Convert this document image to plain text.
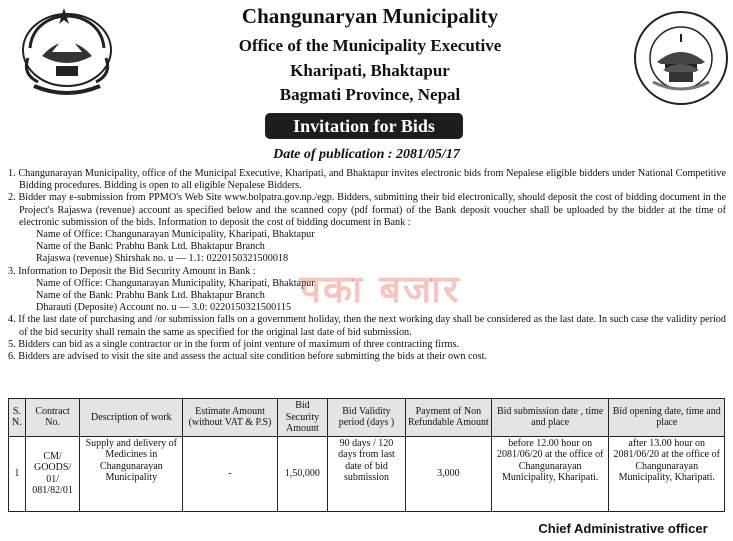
Changunaryan Municipality
Office of the Municipality Executive
Kharipati, Bhaktapur
Bagmati Province, Nepal
Invitation for Bids
Date of publication : 2081/05/17
1. Changunarayan Municipality, office of the Municipal Executive, Kharipati, and Bhaktapur invites electronic bids from Nepalese eligible bidders under National Competitive Bidding procedures. Bidding is open to all eligible Nepalese Bidders.
2. Bidder may e-submission from PPMO's Web Site www.bolpatra.gov.np./egp. Bidders, submitting their bid electronically, should deposit the cost of bidding document in the Project's Rajaswa (revenue) account as specified below and the scanned copy (pdf format) of the Bank deposit voucher shall be uploaded by the bidder at the time of electronic submission of the bids. Information to deposit the cost of bidding document in Bank :
Name of Office: Changunarayan Municipality, Kharipati, Bhaktapur
Name of the Bank: Prabhu Bank Ltd. Bhaktapur Branch
Rajaswa (revenue) Shirshak no. u — 1.1: 0220150321500018
3. Information to Deposit the Bid Security Amount in Bank :
Name of Office: Changunarayan Municipality, Kharipati, Bhaktapur
Name of the Bank: Prabhu Bank Ltd. Bhaktapur Branch
Dharauti (Deposite) Account no. u — 3.0: 0220150321500115
4. If the last date of purchasing and /or submission falls on a government holiday, then the next working day shall be considered as the last date. In such case the validity period of the bid security shall remain the same as specified for the original last date of bid submission.
5. Bidders can bid as a single contractor or in the form of joint venture of maximum of three contracting firms.
6. Bidders are advised to visit the site and assess the actual site condition before submitting the bids at their own cost.
पका बजार
S. N.	Contract No.	Description of work	Estimate Amount (without VAT & P.S)	Bid Security Amount	Bid Validity period (days )	Payment of Non Refundable Amount	Bid submission date , time and place	Bid opening date, time and place
1	CM/ GOODS/ 01/ 081/82/01	Supply and delivery of Medicines in Changunarayan Municipality	-	1,50,000	90 days / 120 days from last date of bid submission	3,000	before 12.00 hour on 2081/06/20 at the office of Changunarayan Municipality, Kharipati.	after 13.00 hour on 2081/06/20 at the office of Changunarayan Municipality, Kharipati.
Chief Administrative officer
